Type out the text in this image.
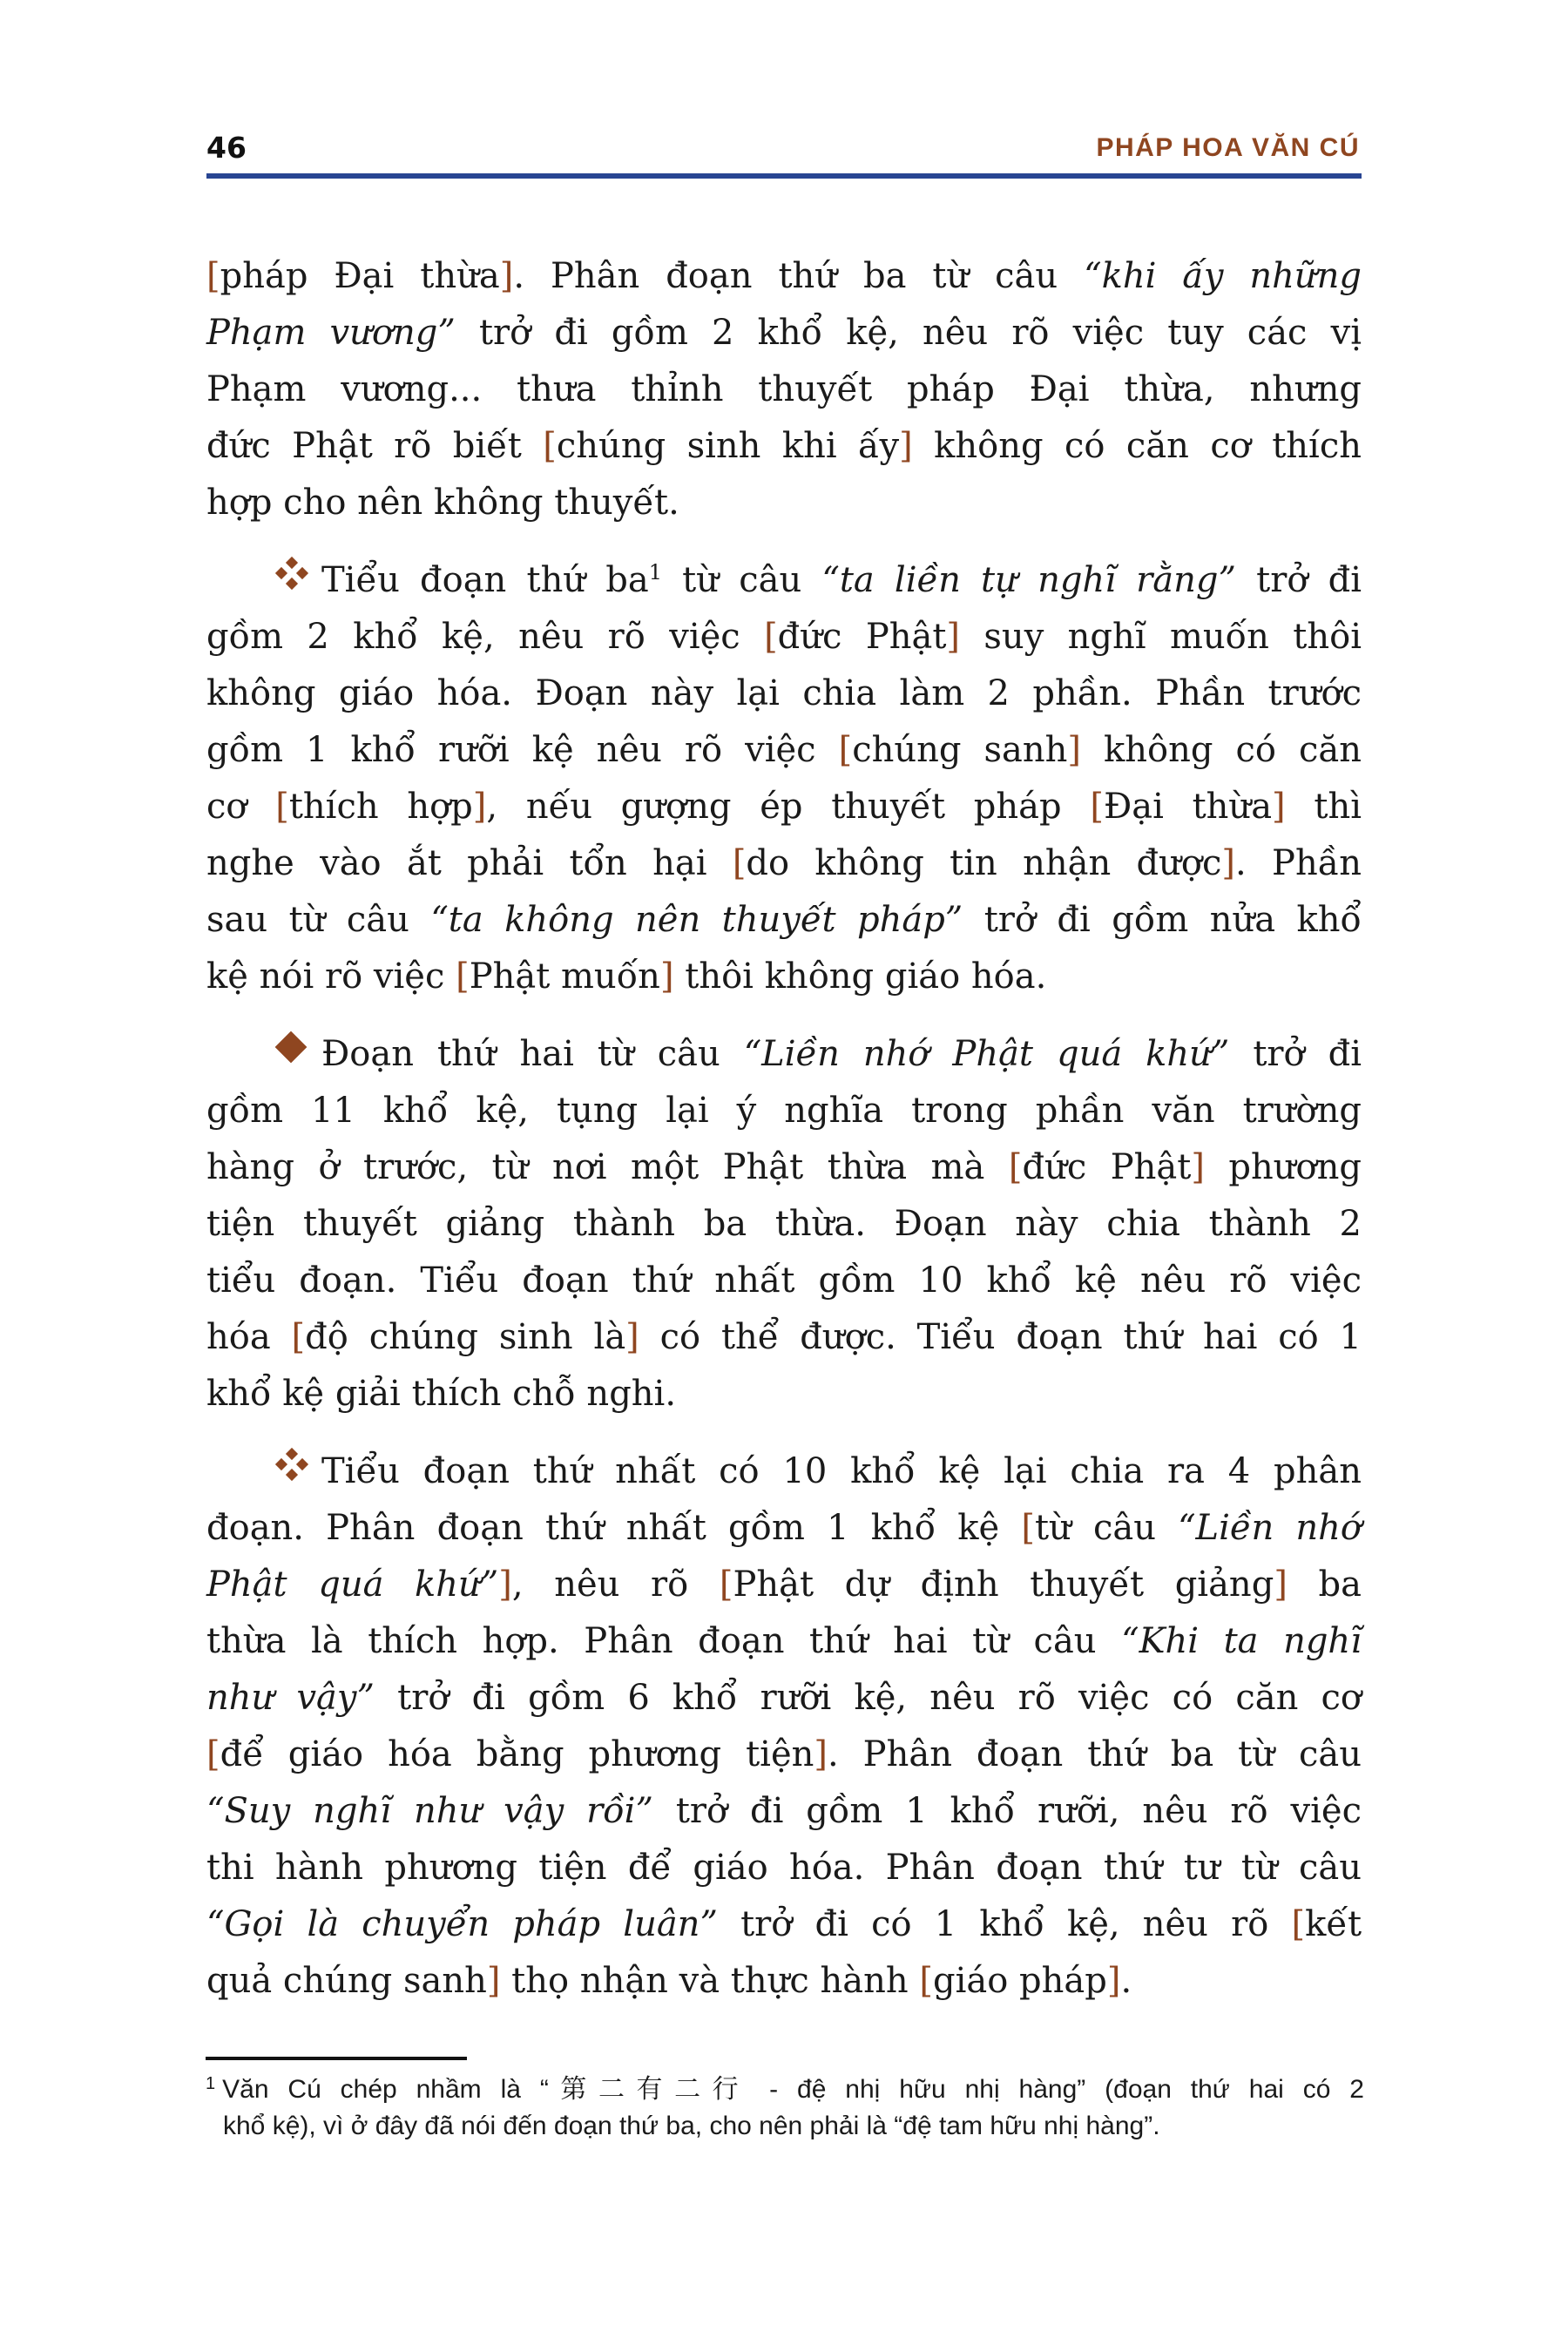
46	PHÁP HOA VĂN CÚ
[pháp Đại thừa]. Phân đoạn thứ ba từ câu “khi ấy những
Phạm vương” trở đi gồm 2 khổ kệ, nêu rõ việc tuy các vị
Phạm vương... thưa thỉnh thuyết pháp Đại thừa, nhưng
đức Phật rõ biết [chúng sinh khi ấy] không có căn cơ thích
hợp cho nên không thuyết.
Tiểu đoạn thứ $ba^1$ từ câu “ta liền tự nghĩ rằng” trở đi
gồm 2 khổ kệ, nêu rõ việc [đức Phật] suy nghĩ muốn thôi
không giáo hóa. Đoạn này lại chia làm 2 phần. Phần trước
gồm 1 khổ rưỡi kệ nêu rõ việc [chúng sanh] không có căn
cơ [thích hợp], nếu gượng ép thuyết pháp [Đại thừa] thì
nghe vào ắt phải tổn hại [do không tin nhận được]. Phần
sau từ câu “ta không nên thuyết pháp” trở đi gồm nửa khổ
kệ nói rõ việc [Phật muốn] thôi không giáo hóa.
Đoạn thứ hai từ câu “Liền nhớ Phật quá khứ” trở đi
gồm 11 khổ kệ, tụng lại ý nghĩa trong phần văn trường
hàng ở trước, từ nơi một Phật thừa mà [đức Phật] phương
tiện thuyết giảng thành ba thừa. Đoạn này chia thành 2
tiểu đoạn. Tiểu đoạn thứ nhất gồm 10 khổ kệ nêu rõ việc
hóa [độ chúng sinh là] có thể được. Tiểu đoạn thứ hai có 1
khổ kệ giải thích chỗ nghi.
Tiểu đoạn thứ nhất có 10 khổ kệ lại chia ra 4 phân
đoạn. Phân đoạn thứ nhất gồm 1 khổ kệ [từ câu “Liền nhớ
Phật quá khứ”], nêu rõ [Phật dự định thuyết giảng] ba
thừa là thích hợp. Phân đoạn thứ hai từ câu “Khi ta nghĩ
như vậy” trở đi gồm 6 khổ rưỡi kệ, nêu rõ việc có căn cơ
[để giáo hóa bằng phương tiện]. Phân đoạn thứ ba từ câu
“Suy nghĩ như vậy rồi” trở đi gồm 1 khổ rưỡi, nêu rõ việc
thi hành phương tiện để giáo hóa. Phân đoạn thứ tư từ câu
“Gọi là chuyển pháp luân” trở đi có 1 khổ kệ, nêu rõ [kết
quả chúng sanh] thọ nhận và thực hành [giáo pháp].
$^1$ Văn Cú chép nhầm là “第二有二行 - đệ nhị hữu nhị hàng” (đoạn thứ hai có 2
khổ kệ), vì ở đây đã nói đến đoạn thứ ba, cho nên phải là “đệ tam hữu nhị hàng”.
